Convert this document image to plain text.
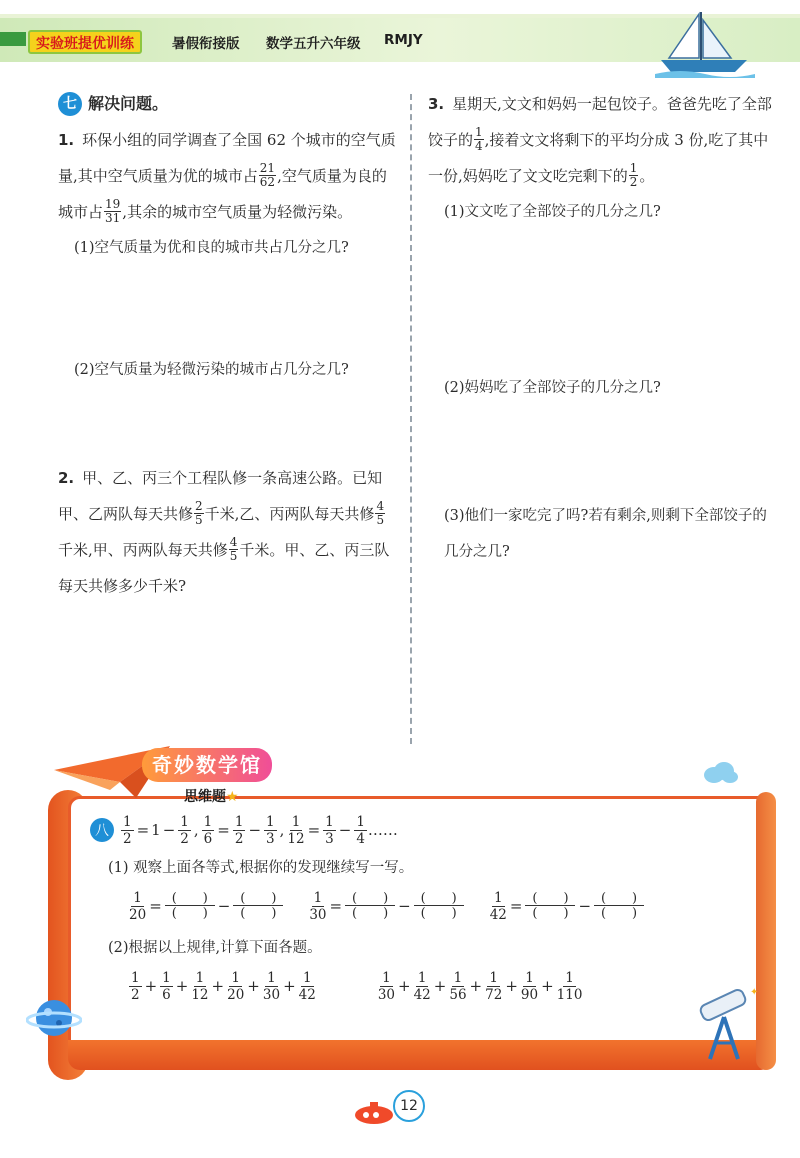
实验班提优训练	暑假衔接版 数学五升六年级 RMJY
七 解决问题。
1. 环保小组的同学调查了全国 62 个城市的空气质量,其中空气质量为优的城市占 $\frac{21}{62}$ ,空气质量为良的城市占 $\frac{19}{31}$ ,其余的城市空气质量为轻微污染。
(1)空气质量为优和良的城市共占几分之几?
(2)空气质量为轻微污染的城市占几分之几?
2. 甲、乙、丙三个工程队修一条高速公路。已知甲、乙两队每天共修 $\frac{2}{5}$ 千米,乙、丙两队每天共修 $\frac{4}{5}$
千米,甲、丙两队每天共修 $\frac{4}{5}$ 千米。甲、乙、丙三队每天共修多少千米?
3. 星期天,文文和妈妈一起包饺子。爸爸先吃了全部饺子的 $\frac{1}{4}$ ,接着文文将剩下的平均分成 3 份,吃了其中一份,妈妈吃了文文吃完剩下的 $\frac{1}{2}$ 。
(1)文文吃了全部饺子的几分之几?
(2)妈妈吃了全部饺子的几分之几?
(3)他们一家吃完了吗?若有剩余,则剩下全部饺子的几分之几?
奇妙数学馆
思维题★
八 $\frac{1}{2} = 1 - \frac{1}{2}$ , $\frac{1}{6} = \frac{1}{2} - \frac{1}{3}$ , $\frac{1}{12} = \frac{1}{3} - \frac{1}{4}$ ……
(1) 观察上面各等式,根据你的发现继续写一写。
$\frac{1}{20} = \frac{( )}{( )} - \frac{( )}{( )} \frac{1}{30} = \frac{( )}{( )} - \frac{( )}{( )} \frac{1}{42} = \frac{( )}{( )} - \frac{( )}{( )}$
(2)根据以上规律,计算下面各题。
1
$2 + \frac{1}{6} + \frac{1}{12} + \frac{1}{20} + \frac{1}{30} + \frac{1}{42}$	1
$30 + \frac{1}{42} + \frac{1}{56} + \frac{1}{72} + \frac{1}{90} + \frac{1}{110}$	✦
12
